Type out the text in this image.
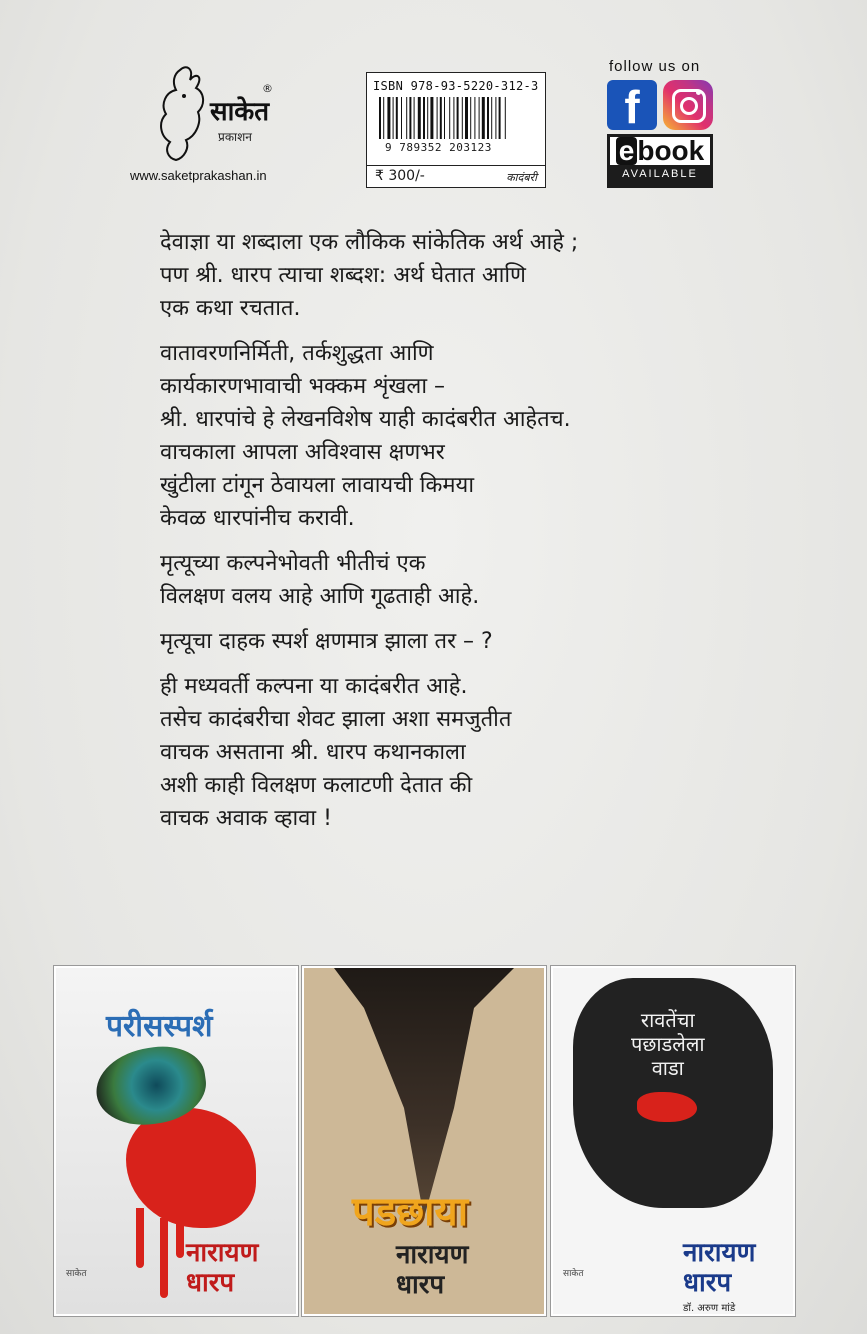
साकेत
®
प्रकाशन
www.saketprakashan.in
ISBN 978-93-5220-312-3
9 789352 203123
₹ 300/-	कादंबरी
follow us on
f
e book
AVAILABLE

देवाज्ञा या शब्दाला एक लौकिक सांकेतिक अर्थ आहे ;
पण श्री. धारप त्याचा शब्दश: अर्थ घेतात आणि
एक कथा रचतात.

वातावरणनिर्मिती, तर्कशुद्धता आणि
कार्यकारणभावाची भक्कम शृंखला –
श्री. धारपांचे हे लेखनविशेष याही कादंबरीत आहेतच.
वाचकाला आपला अविश्वास क्षणभर
खुंटीला टांगून ठेवायला लावायची किमया
केवळ धारपांनीच करावी.

मृत्यूच्या कल्पनेभोवती भीतीचं एक
विलक्षण वलय आहे आणि गूढताही आहे.

मृत्यूचा दाहक स्पर्श क्षणमात्र झाला तर – ?

ही मध्यवर्ती कल्पना या कादंबरीत आहे.
तसेच कादंबरीचा शेवट झाला अशा समजुतीत
वाचक असताना श्री. धारप कथानकाला
अशी काही विलक्षण कलाटणी देतात की
वाचक अवाक व्हावा !

परीसस्पर्श
नारायण
धारप
साकेत
पडछाया
नारायण
धारप
रावतेंचा
पछाडलेला
वाडा
नारायण
धारप
डॉ. अरुण मांडे
साकेत
